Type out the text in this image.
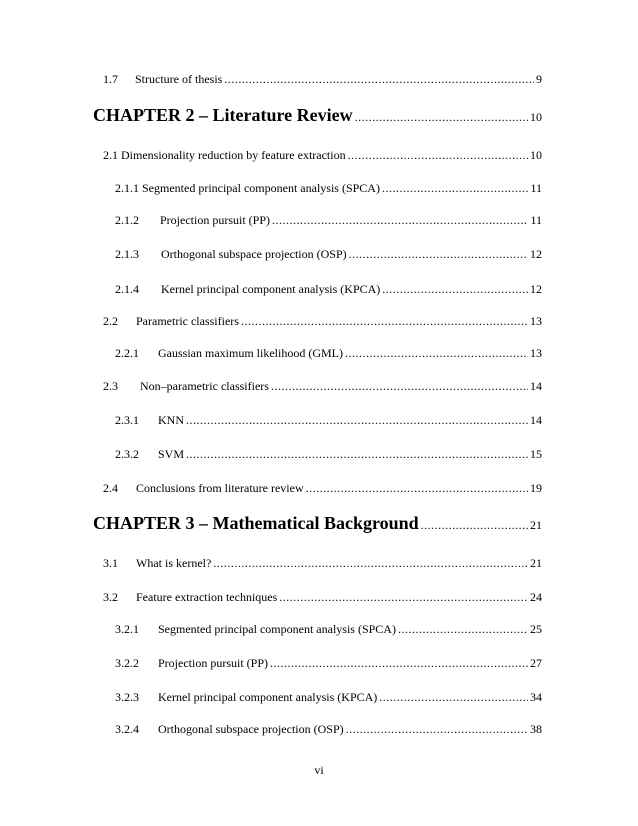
1.7	Structure of thesis .....	9
CHAPTER 2 – Literature Review .....	10
2.1 Dimensionality reduction by feature extraction .....	10
2.1.1 Segmented principal component analysis (SPCA) .....	11
2.1.2	Projection pursuit (PP) .....	11
2.1.3	Orthogonal subspace projection (OSP) .....	12
2.1.4	Kernel principal component analysis (KPCA) .....	12
2.2	Parametric classifiers .....	13
2.2.1	Gaussian maximum likelihood (GML) .....	13
2.3	Non–parametric classifiers .....	14
2.3.1	KNN .....	14
2.3.2	SVM .....	15
2.4	Conclusions from literature review .....	19
CHAPTER 3 – Mathematical Background .....	21
3.1	What is kernel? .....	21
3.2	Feature extraction techniques .....	24
3.2.1	Segmented principal component analysis (SPCA) .....	25
3.2.2	Projection pursuit (PP) .....	27
3.2.3	Kernel principal component analysis (KPCA) .....	34
3.2.4	Orthogonal subspace projection (OSP) .....	38
vi
